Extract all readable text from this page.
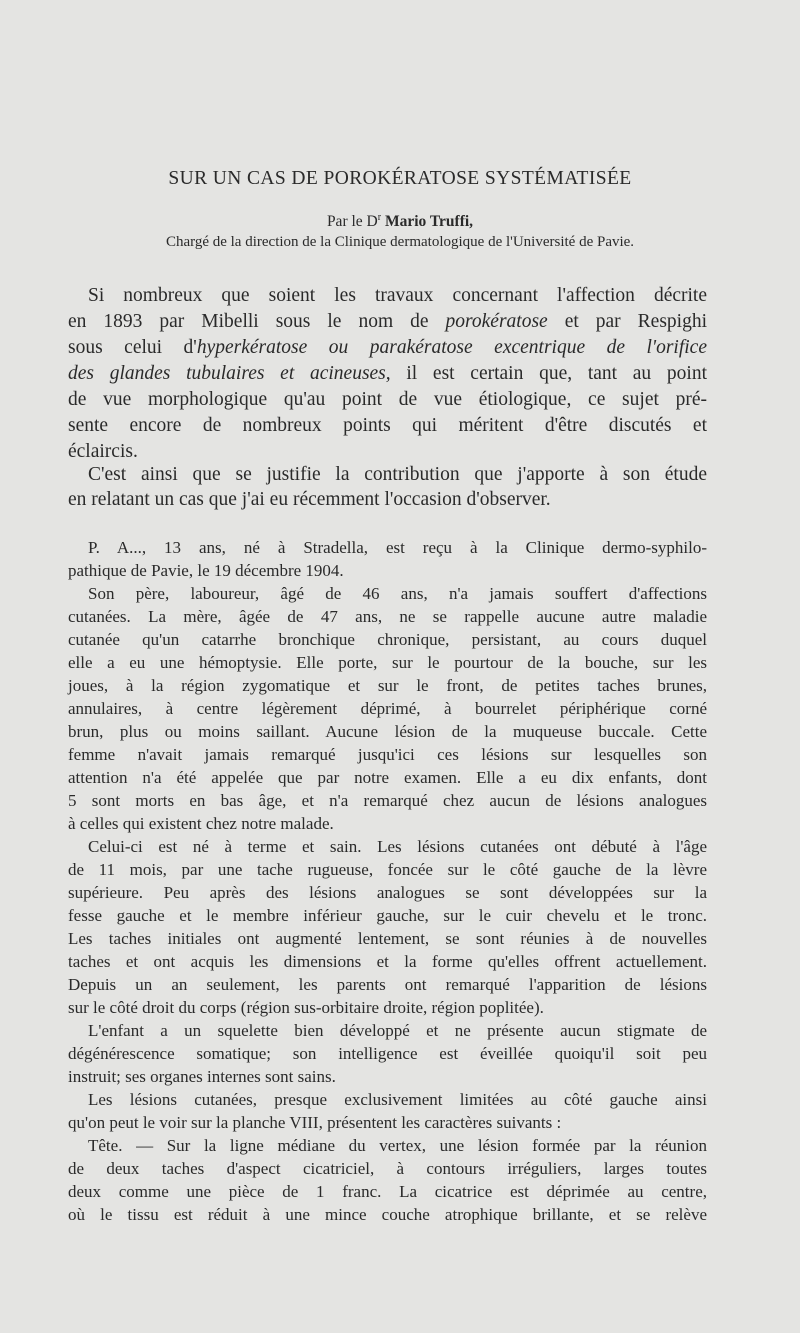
SUR UN CAS DE POROKÉRATOSE SYSTÉMATISÉE
Par le $D^r$ Mario Truffi,
Chargé de la direction de la Clinique dermatologique de l'Université de Pavie.
Si nombreux que soient les travaux concernant l'affection décrite
en 1893 par Mibelli sous le nom de porokératose et par Respighi
sous celui d'hyperkératose ou parakératose excentrique de l'orifice
des glandes tubulaires et acineuses, il est certain que, tant au point
de vue morphologique qu'au point de vue étiologique, ce sujet pré-
sente encore de nombreux points qui méritent d'être discutés et
éclaircis.
C'est ainsi que se justifie la contribution que j'apporte à son étude
en relatant un cas que j'ai eu récemment l'occasion d'observer.
P. A..., 13 ans, né à Stradella, est reçu à la Clinique dermo-syphilo-
pathique de Pavie, le 19 décembre 1904.
Son père, laboureur, âgé de 46 ans, n'a jamais souffert d'affections
cutanées. La mère, âgée de 47 ans, ne se rappelle aucune autre maladie
cutanée qu'un catarrhe bronchique chronique, persistant, au cours duquel
elle a eu une hémoptysie. Elle porte, sur le pourtour de la bouche, sur les
joues, à la région zygomatique et sur le front, de petites taches brunes,
annulaires, à centre légèrement déprimé, à bourrelet périphérique corné
brun, plus ou moins saillant. Aucune lésion de la muqueuse buccale. Cette
femme n'avait jamais remarqué jusqu'ici ces lésions sur lesquelles son
attention n'a été appelée que par notre examen. Elle a eu dix enfants, dont
5 sont morts en bas âge, et n'a remarqué chez aucun de lésions analogues
à celles qui existent chez notre malade.
Celui-ci est né à terme et sain. Les lésions cutanées ont débuté à l'âge
de 11 mois, par une tache rugueuse, foncée sur le côté gauche de la lèvre
supérieure. Peu après des lésions analogues se sont développées sur la
fesse gauche et le membre inférieur gauche, sur le cuir chevelu et le tronc.
Les taches initiales ont augmenté lentement, se sont réunies à de nouvelles
taches et ont acquis les dimensions et la forme qu'elles offrent actuellement.
Depuis un an seulement, les parents ont remarqué l'apparition de lésions
sur le côté droit du corps (région sus-orbitaire droite, région poplitée).
L'enfant a un squelette bien développé et ne présente aucun stigmate de
dégénérescence somatique; son intelligence est éveillée quoiqu'il soit peu
instruit; ses organes internes sont sains.
Les lésions cutanées, presque exclusivement limitées au côté gauche ainsi
qu'on peut le voir sur la planche VIII, présentent les caractères suivants :
Tête. — Sur la ligne médiane du vertex, une lésion formée par la réunion
de deux taches d'aspect cicatriciel, à contours irréguliers, larges toutes
deux comme une pièce de 1 franc. La cicatrice est déprimée au centre,
où le tissu est réduit à une mince couche atrophique brillante, et se relève
